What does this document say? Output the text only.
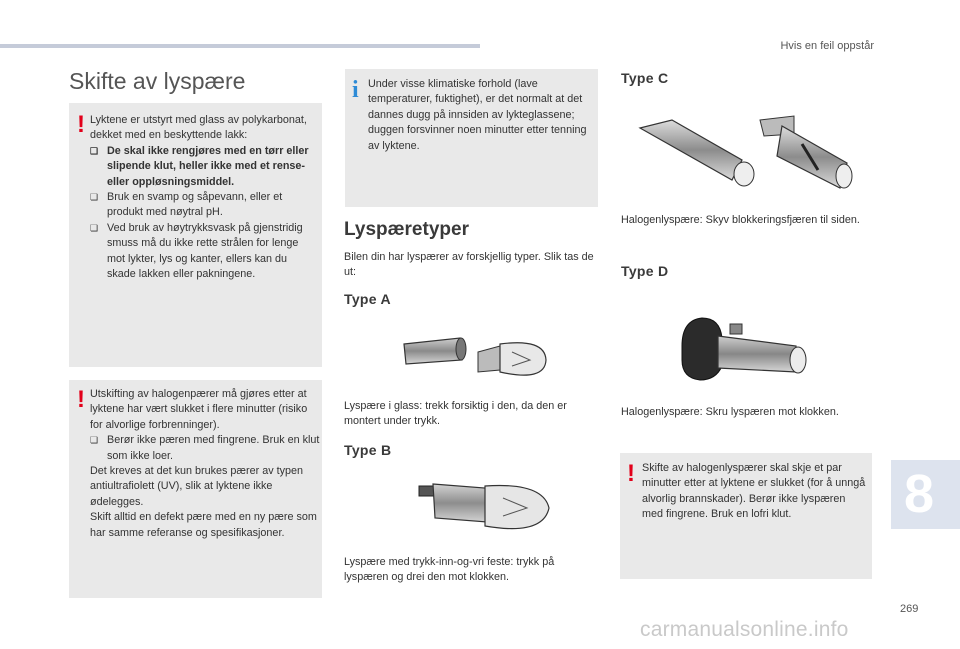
Hvis en feil oppstår
Skifte av lyspære
! Lyktene er utstyrt med glass av polykarbonat, dekket med en beskyttende lakk:

❏ De skal ikke rengjøres med en tørr eller slipende klut, heller ikke med et rense- eller oppløsningsmiddel.
❏ Bruk en svamp og såpevann, eller et produkt med nøytral pH.
❏ Ved bruk av høytrykksvask på gjenstridig smuss må du ikke rette strålen for lenge mot lykter, lys og kanter, ellers kan du skade lakken eller pakningene.
! Utskifting av halogenpærer må gjøres etter at lyktene har vært slukket i flere minutter (risiko for alvorlige forbrenninger).

❏ Berør ikke pæren med fingrene. Bruk en klut som ikke loer.

Det kreves at det kun brukes pærer av typen antiultrafiolett (UV), slik at lyktene ikke ødelegges.

Skift alltid en defekt pære med en ny pære som har samme referanse og spesifikasjoner.

i Under visse klimatiske forhold (lave temperaturer, fuktighet), er det normalt at det dannes dugg på innsiden av lykteglassene; duggen forsvinner noen minutter etter tenning av lyktene.
Lyspæretyper
Bilen din har lyspærer av forskjellig typer. Slik tas de ut:
Type A
Lyspære i glass: trekk forsiktig i den, da den er montert under trykk.
Type B
Lyspære med trykk-inn-og-vri feste: trykk på lyspæren og drei den mot klokken.
Type C
Halogenlyspære: Skyv blokkeringsfjæren til siden.
Type D
Halogenlyspære: Skru lyspæren mot klokken.
! Skifte av halogenlyspærer skal skje et par minutter etter at lyktene er slukket (for å unngå alvorlig brannskader). Berør ikke lyspæren med fingrene. Bruk en lofri klut.	8
269
carmanualsonline.info
